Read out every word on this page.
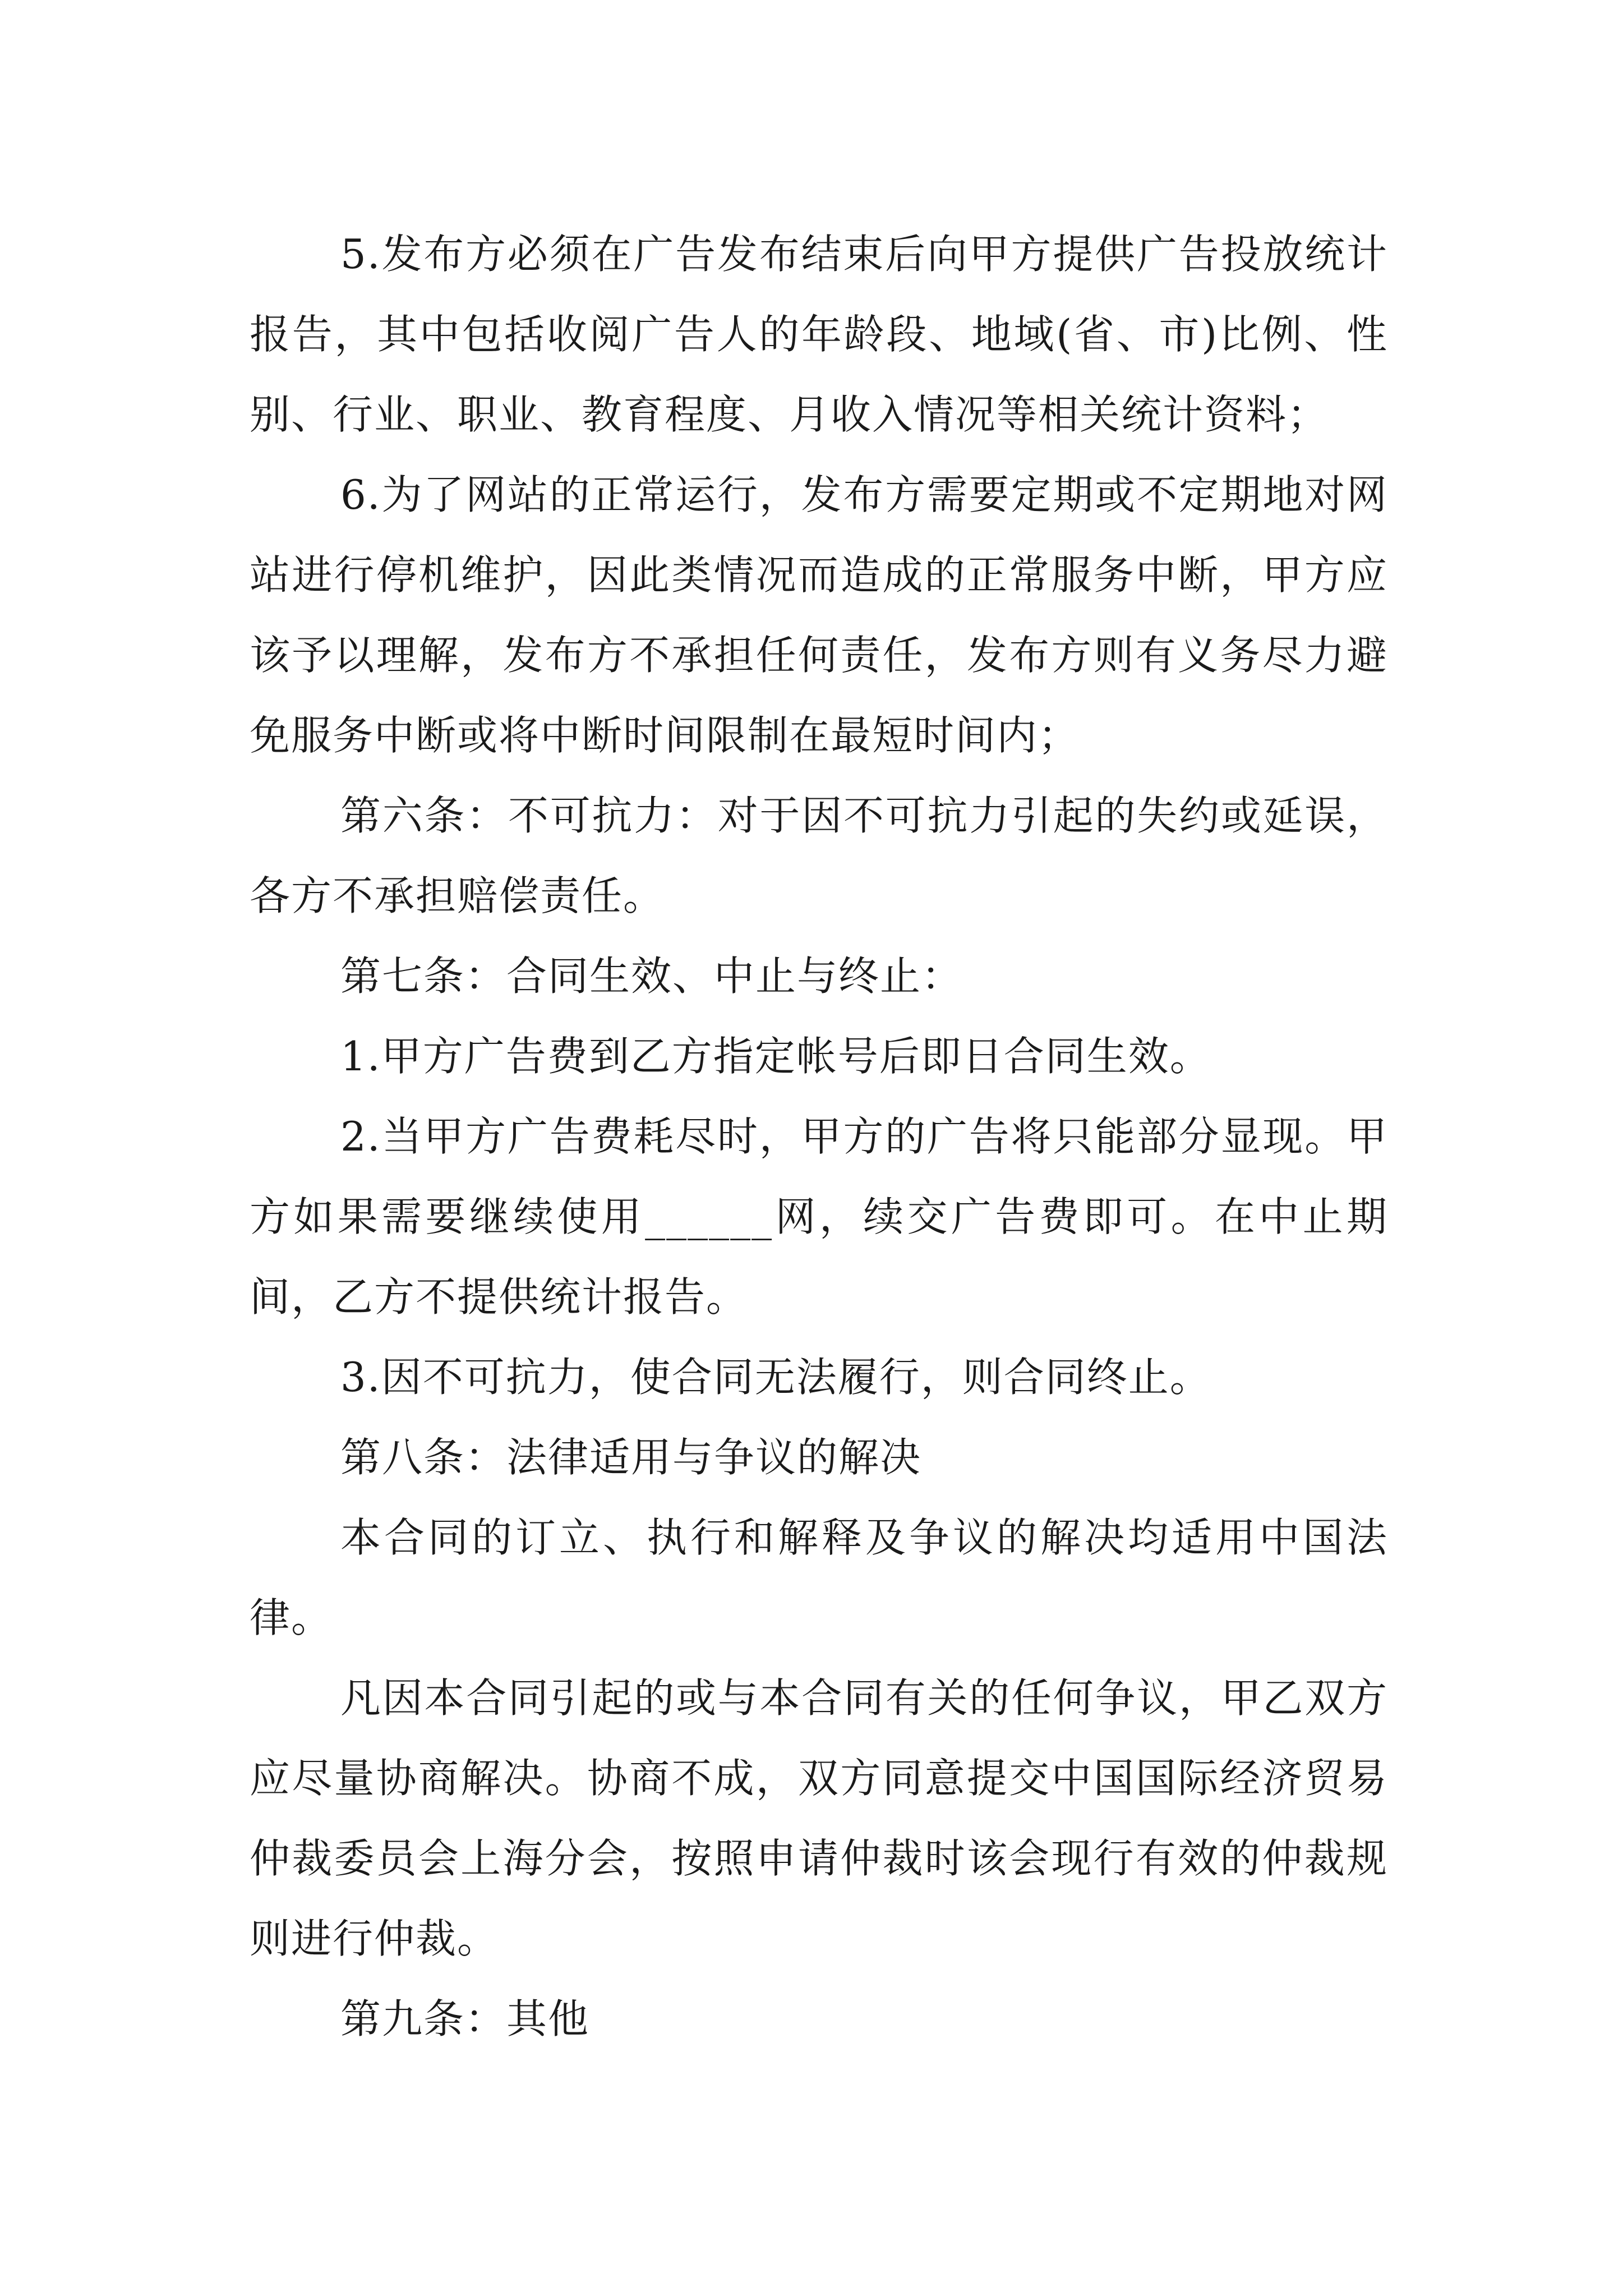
5.发布方必须在广告发布结束后向甲方提供广告投放统计报告，其中包括收阅广告人的年龄段、地域(省、市)比例、性别、行业、职业、教育程度、月收入情况等相关统计资料；

6.为了网站的正常运行，发布方需要定期或不定期地对网站进行停机维护，因此类情况而造成的正常服务中断，甲方应该予以理解，发布方不承担任何责任，发布方则有义务尽力避免服务中断或将中断时间限制在最短时间内；

第六条：不可抗力：对于因不可抗力引起的失约或延误，各方不承担赔偿责任。

第七条：合同生效、中止与终止：

1.甲方广告费到乙方指定帐号后即日合同生效。

2.当甲方广告费耗尽时，甲方的广告将只能部分显现。甲方如果需要继续使用______网，续交广告费即可。在中止期间，乙方不提供统计报告。

3.因不可抗力，使合同无法履行，则合同终止。

第八条：法律适用与争议的解决

本合同的订立、执行和解释及争议的解决均适用中国法律。

凡因本合同引起的或与本合同有关的任何争议，甲乙双方应尽量协商解决。协商不成，双方同意提交中国国际经济贸易仲裁委员会上海分会，按照申请仲裁时该会现行有效的仲裁规则进行仲裁。

第九条：其他
